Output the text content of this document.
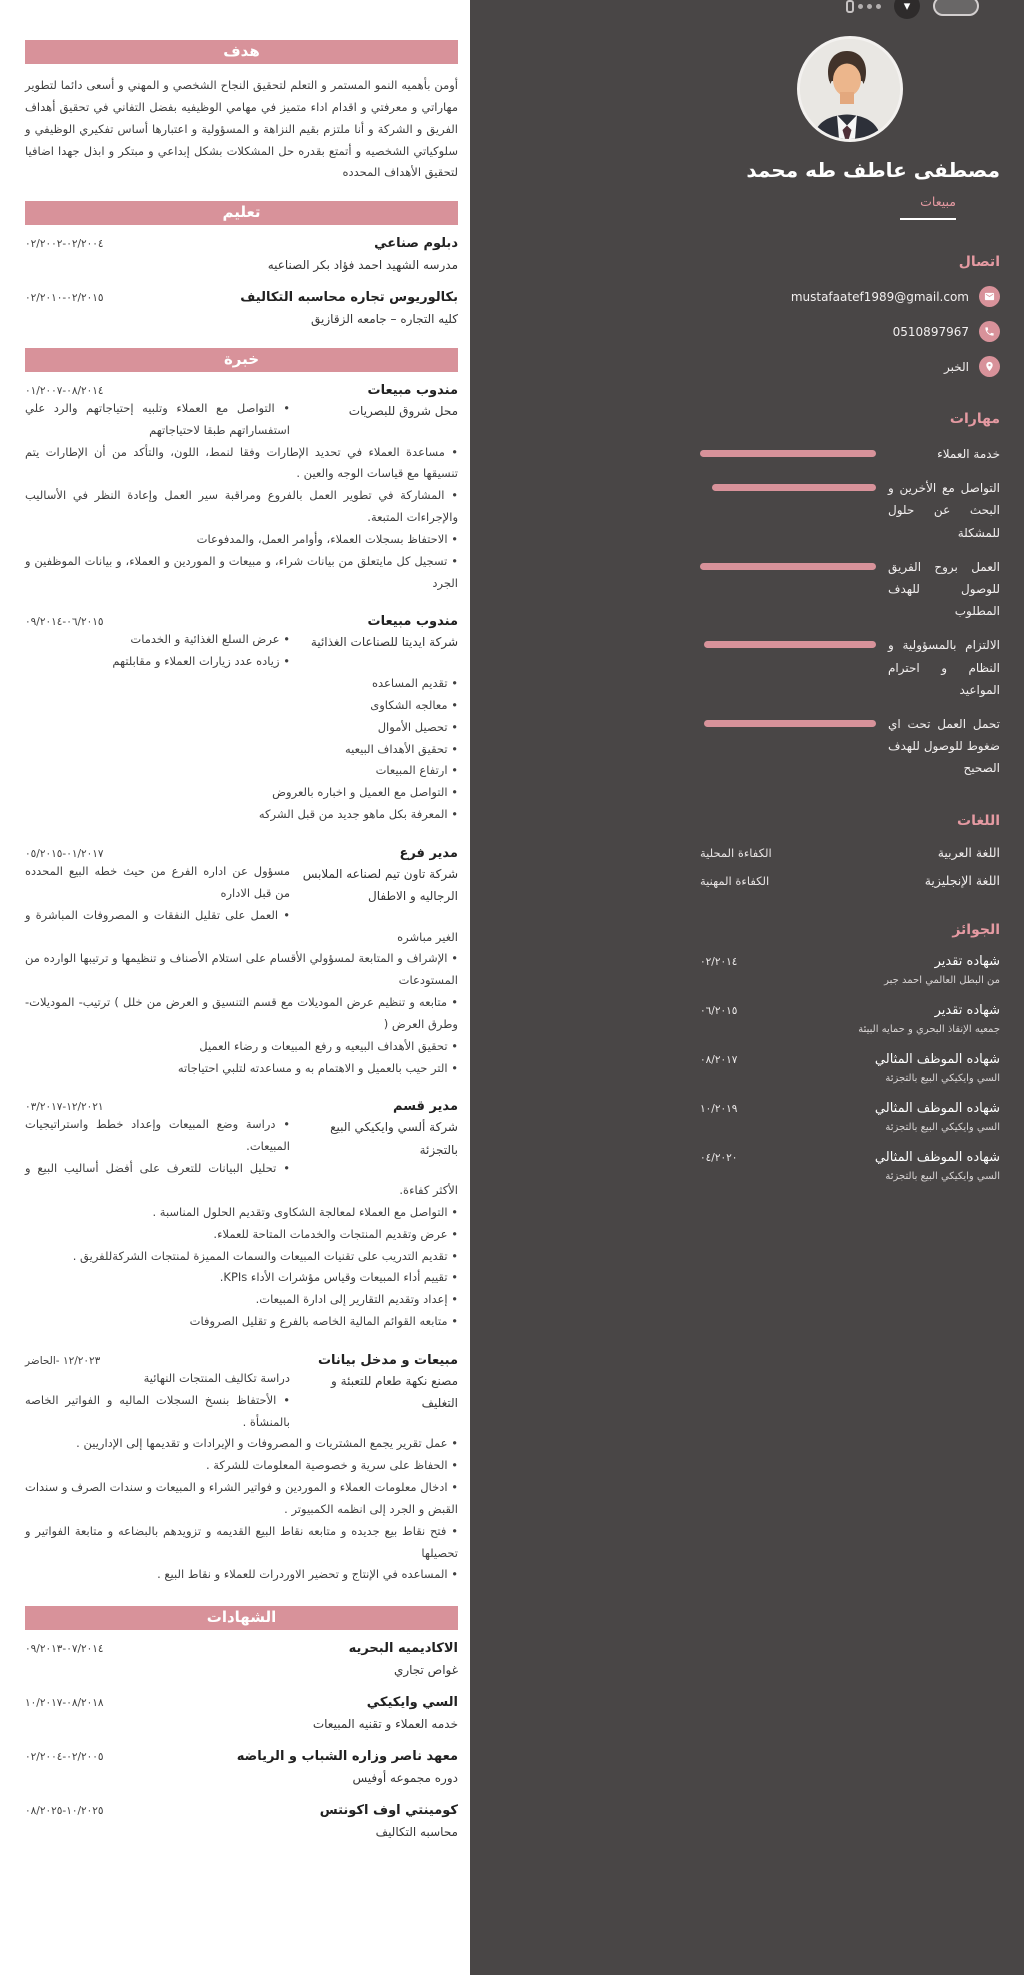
هدف

أومن بأهميه النمو المستمر و التعلم لتحقيق النجاح الشخصي و المهني و أسعى دائما لتطوير مهاراتي و معرفتي و اقدام اداء متميز في مهامي الوظيفيه بفضل التفاني في تحقيق أهداف الفريق و الشركة و أنا ملتزم بقيم النزاهة و المسؤولية و اعتبارها أساس تفكيري الوظيفي و سلوكياتي الشخصيه و أتمتع بقدره حل المشكلات بشكل إبداعي و مبتكر و ابذل جهدا اضافيا لتحقيق الأهداف المحدده

تعليم
دبلوم صناعي
٠٢/٢٠٠٤-٠٢/٢٠٠٢
مدرسه الشهيد احمد فؤاد بكر الصناعيه
بكالوريوس تجاره محاسبه التكاليف
٠٢/٢٠١٥-٠٢/٢٠١٠
كليه التجاره – جامعه الزقازيق
خبرة
مندوب مبيعات
٠٨/٢٠١٤-٠١/٢٠٠٧
محل شروق للبصريات
• التواصل مع العملاء وتلبيه إحتياجاتهم والرد علي استفساراتهم طبقا لاحتياجاتهم
• مساعدة العملاء في تحديد الإطارات وفقا لنمط، اللون، والتأكد من أن الإطارات يتم تنسيقها مع قياسات الوجه والعين .
• المشاركة في تطوير العمل بالفروع ومراقبة سير العمل وإعادة النظر في الأساليب والإجراءات المتبعة.
• الاحتفاظ بسجلات العملاء، وأوامر العمل، والمدفوعات
• تسجيل كل مايتعلق من بيانات شراء، و مبيعات و الموردين و العملاء، و بيانات الموظفين و الجرد
مندوب مبيعات
٠٦/٢٠١٥-٠٩/٢٠١٤
شركة ايديتا للصناعات الغذائية
• عرض السلع الغذائية و الخدمات
• زياده عدد زيارات العملاء و مقابلتهم
• تقديم المساعده
• معالجه الشكاوى
• تحصيل الأموال
• تحقيق الأهداف البيعيه
• ارتفاع المبيعات
• التواصل مع العميل و اخباره بالعروض
• المعرفة بكل ماهو جديد من قبل الشركه
مدير فرع
٠١/٢٠١٧-٠٥/٢٠١٥
شركة تاون تيم لصناعه الملابس الرجاليه و الاطفال
مسؤول عن اداره الفرع من حيث خطه البيع المحدده من قبل الاداره
• العمل على تقليل النفقات و المصروفات المباشرة و الغير مباشره
• الإشراف و المتابعة لمسؤولي الأقسام على استلام الأصناف و تنظيمها و ترتيبها الوارده من المستودعات
• متابعه و تنظيم عرض الموديلات مع قسم التنسيق و العرض من خلل ) ترتيب- الموديلات- وطرق العرض (
• تحقيق الأهداف البيعيه و رفع المبيعات و رضاء العميل
• التر حيب بالعميل و الاهتمام به و مساعدته لتلبي احتياجاته
مدير قسم
١٢/٢٠٢١-٠٣/٢٠١٧
شركة ألسي وايكيكي البيع بالتجزئة
• دراسة وضع المبيعات وإعداد خطط واستراتيجيات المبيعات.
• تحليل البيانات للتعرف على أفضل أساليب البيع و الأكثر كفاءة.
• التواصل مع العملاء لمعالجة الشكاوى وتقديم الحلول المناسبة .
• عرض وتقديم المنتجات والخدمات المتاحة للعملاء.
• تقديم التدريب على تقنيات المبيعات والسمات المميزة لمنتجات الشركةللفريق .
• تقييم أداء المبيعات وقياس مؤشرات الأداء KPIs.
• إعداد وتقديم التقارير إلى ادارة المبيعات.
• متابعه القوائم المالية الخاصه بالفرع و تقليل الصروفات
مبيعات و مدخل بيانات
١٢/٢٠٢٣ -الحاضر
مصنع نكهة طعام للتعبئة و التغليف
دراسة تكاليف المنتجات النهائية
• الأحتفاظ بنسخ السجلات الماليه و الفواتير الخاصه بالمنشأة .
• عمل تقرير يجمع المشتريات و المصروفات و الإيرادات و تقديمها إلى الإداريين .
• الحفاظ على سرية و خصوصية المعلومات للشركة .
• ادخال معلومات العملاء و الموردين و فواتير الشراء و المبيعات و سندات الصرف و سندات القبض و الجرد إلى انظمه الكمبيوتر .
• فتح نقاط بيع جديده و متابعه نقاط البيع القديمه و تزويدهم بالبضاعه و متابعة الفواتير و تحصيلها
• المساعده في الإنتاج و تحضير الاوردرات للعملاء و نقاط البيع .
الشهادات
الاكاديميه البحريه
٠٧/٢٠١٤-٠٩/٢٠١٣
غواص تجاري
السي وايكيكي
٠٨/٢٠١٨-١٠/٢٠١٧
خدمه العملاء و تقنيه المبيعات
معهد ناصر وزاره الشباب و الرياضه
٠٢/٢٠٠٥-٠٢/٢٠٠٤
دوره مجموعه أوفيس
كومينتي اوف اكونتس
١٠/٢٠٢٥-٠٨/٢٠٢٥
محاسبه التكاليف
مصطفى عاطف طه محمد
مبيعات
اتصال
mustafaatef1989@gmail.com
0510897967
الخبر
مهارات
خدمة العملاء
التواصل مع الأخرين و البحث عن حلول للمشكلة
العمل بروح الفريق للوصول للهدف المطلوب
الالتزام بالمسؤولية و النظام و احترام المواعيد
تحمل العمل تحت اي ضغوط للوصول للهدف الصحيح
اللغات
اللغة العربية
الكفاءة المحلية
اللغة الإنجليزية
الكفاءة المهنية
الجوائز
شهاده تقدير
من البطل العالمي احمد جبر
٠٢/٢٠١٤
شهاده تقدير
جمعيه الإنقاذ البحري و حمايه البيئة
٠٦/٢٠١٥
شهاده الموظف المثالي
السي وايكيكي البيع بالتجزئة
٠٨/٢٠١٧
شهاده الموظف المثالي
السي وايكيكي البيع بالتجزئة
١٠/٢٠١٩
شهاده الموظف المثالي
السي وايكيكي البيع بالتجزئة
٠٤/٢٠٢٠
▾
